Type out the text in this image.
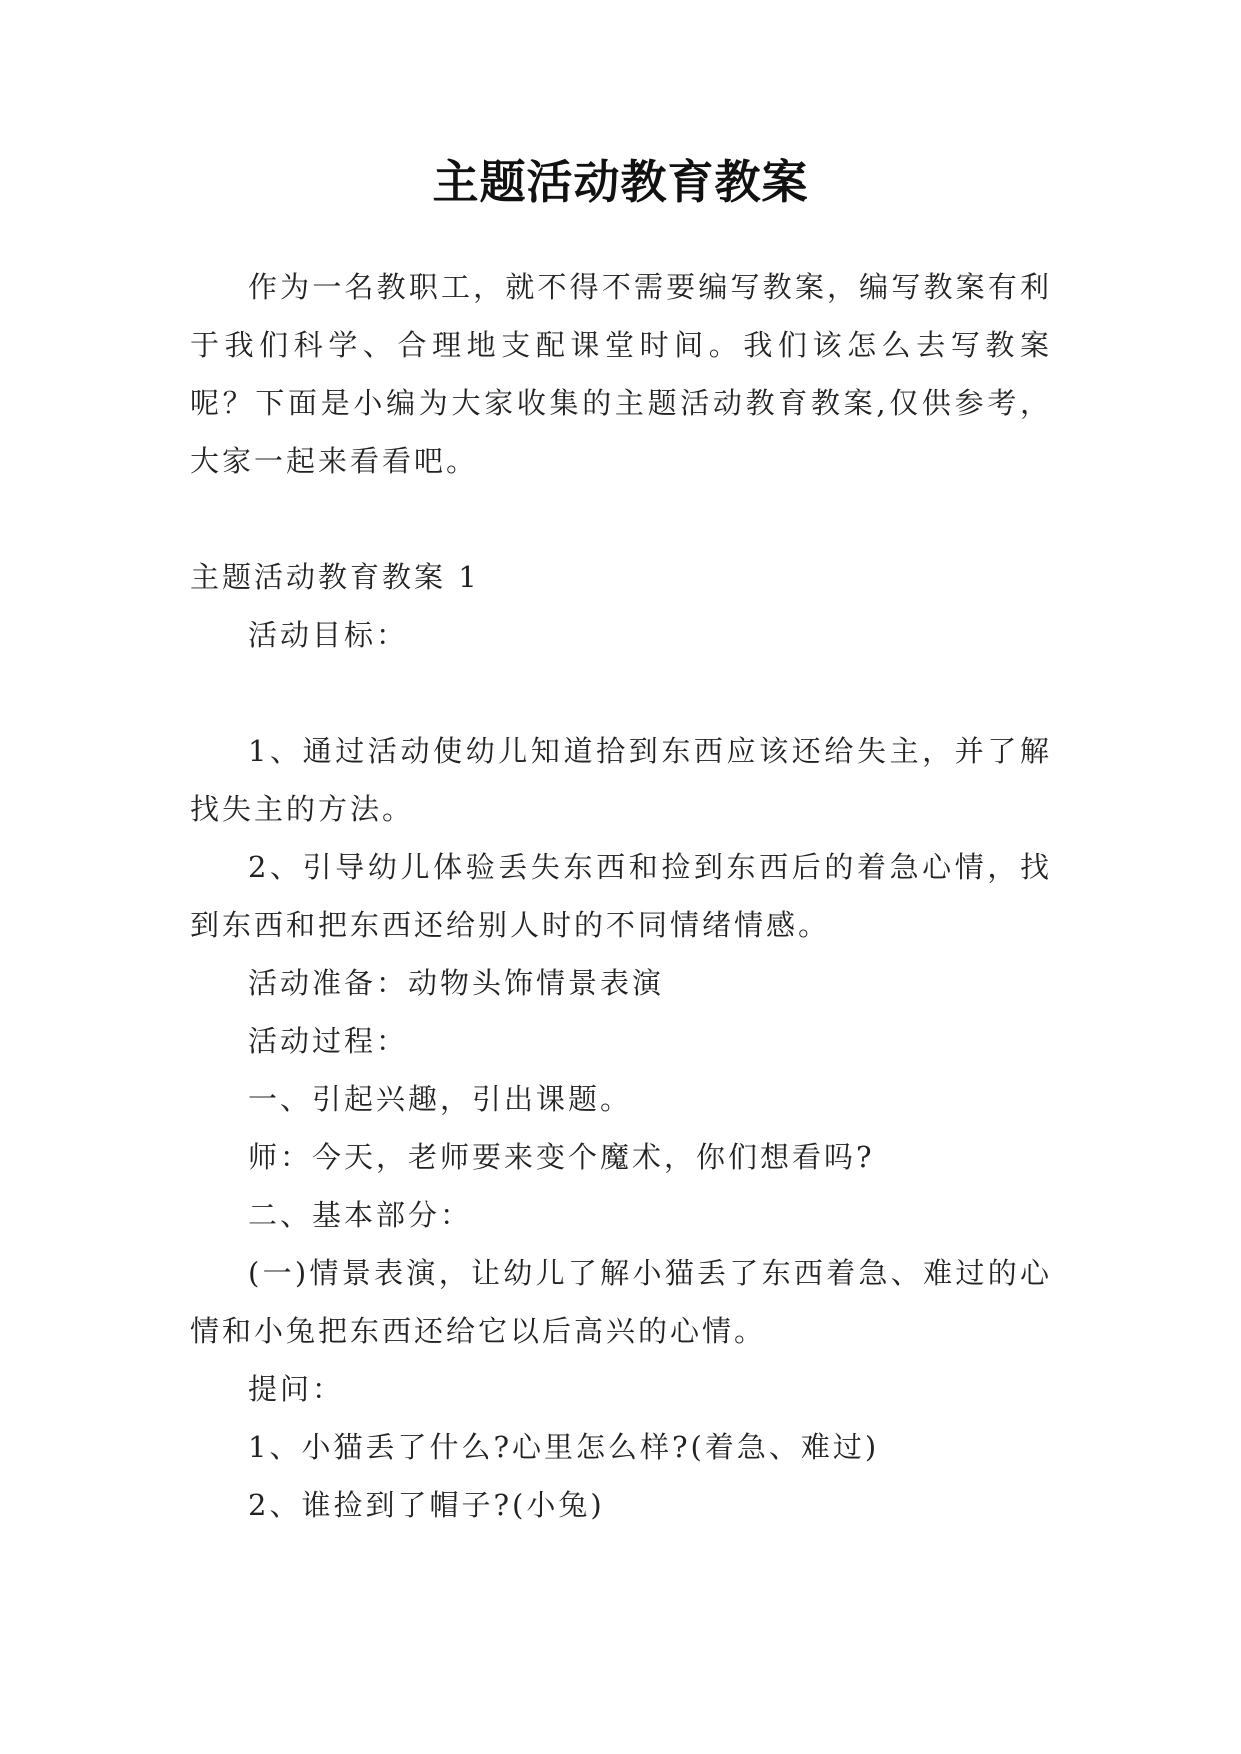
主题活动教育教案

作为一名教职工，就不得不需要编写教案，编写教案有利于我们科学、合理地支配课堂时间。我们该怎么去写教案呢？下面是小编为大家收集的主题活动教育教案,仅供参考，大家一起来看看吧。

主题活动教育教案 1

活动目标：

1、通过活动使幼儿知道拾到东西应该还给失主，并了解找失主的方法。

2、引导幼儿体验丢失东西和捡到东西后的着急心情，找到东西和把东西还给别人时的不同情绪情感。

活动准备：动物头饰情景表演

活动过程：

一、引起兴趣，引出课题。

师：今天，老师要来变个魔术，你们想看吗?

二、基本部分：

(一)情景表演，让幼儿了解小猫丢了东西着急、难过的心情和小兔把东西还给它以后高兴的心情。

提问：

1、小猫丢了什么?心里怎么样?(着急、难过)

2、谁捡到了帽子?(小兔)
